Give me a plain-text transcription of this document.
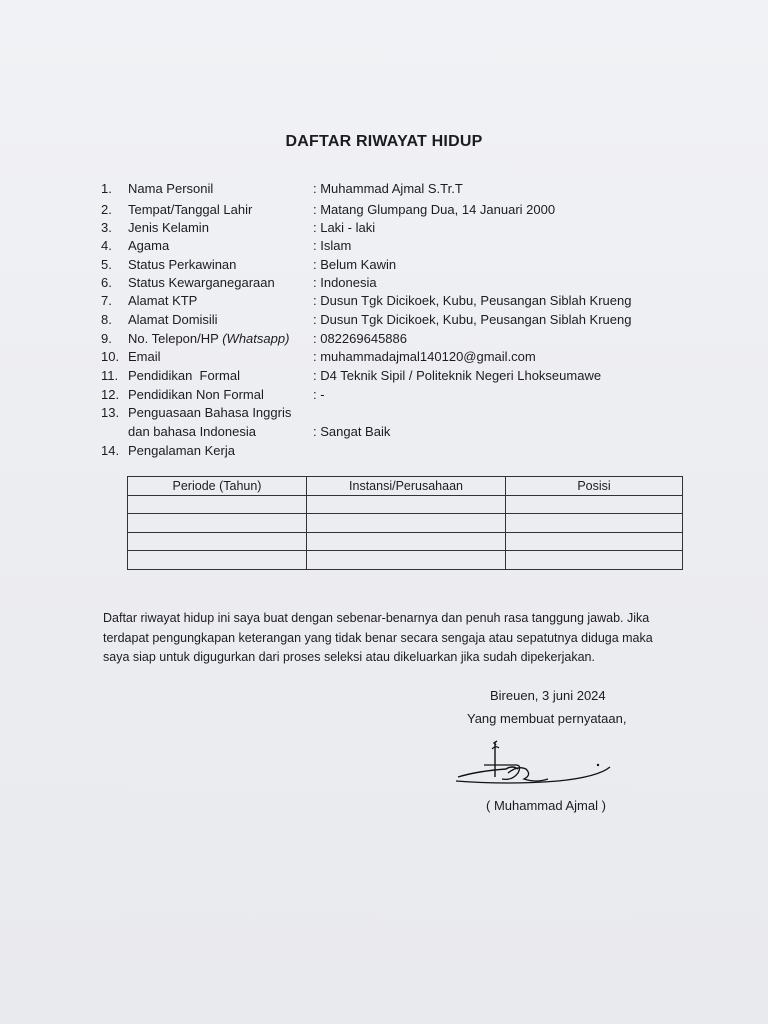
DAFTAR RIWAYAT HIDUP
1. Nama Personil	: Muhammad Ajmal S.Tr.T
2. Tempat/Tanggal Lahir	: Matang Glumpang Dua, 14 Januari 2000
3. Jenis Kelamin	: Laki - laki
4. Agama	: Islam
5. Status Perkawinan	: Belum Kawin
6. Status Kewarganegaraan	: Indonesia
7. Alamat KTP	: Dusun Tgk Dicikoek, Kubu, Peusangan Siblah Krueng
8. Alamat Domisili	: Dusun Tgk Dicikoek, Kubu, Peusangan Siblah Krueng
9. No. Telepon/HP (Whatsapp) : 082269645886
10. Email	: muhammadajmal140120@gmail.com
11. Pendidikan  Formal	: D4 Teknik Sipil / Politeknik Negeri Lhokseumawe
12. Pendidikan Non Formal	: -
13. Penguasaan Bahasa Inggris
dan bahasa Indonesia	: Sangat Baik
14. Pengalaman Kerja
Periode (Tahun)	Instansi/Perusahaan	Posisi

Daftar riwayat hidup ini saya buat dengan sebenar-benarnya dan penuh rasa tanggung jawab. Jika terdapat pengungkapan keterangan yang tidak benar secara sengaja atau sepatutnya diduga maka saya siap untuk digugurkan dari proses seleksi atau dikeluarkan jika sudah dipekerjakan.
Bireuen, 3 juni 2024
Yang membuat pernyataan,
( Muhammad Ajmal )
